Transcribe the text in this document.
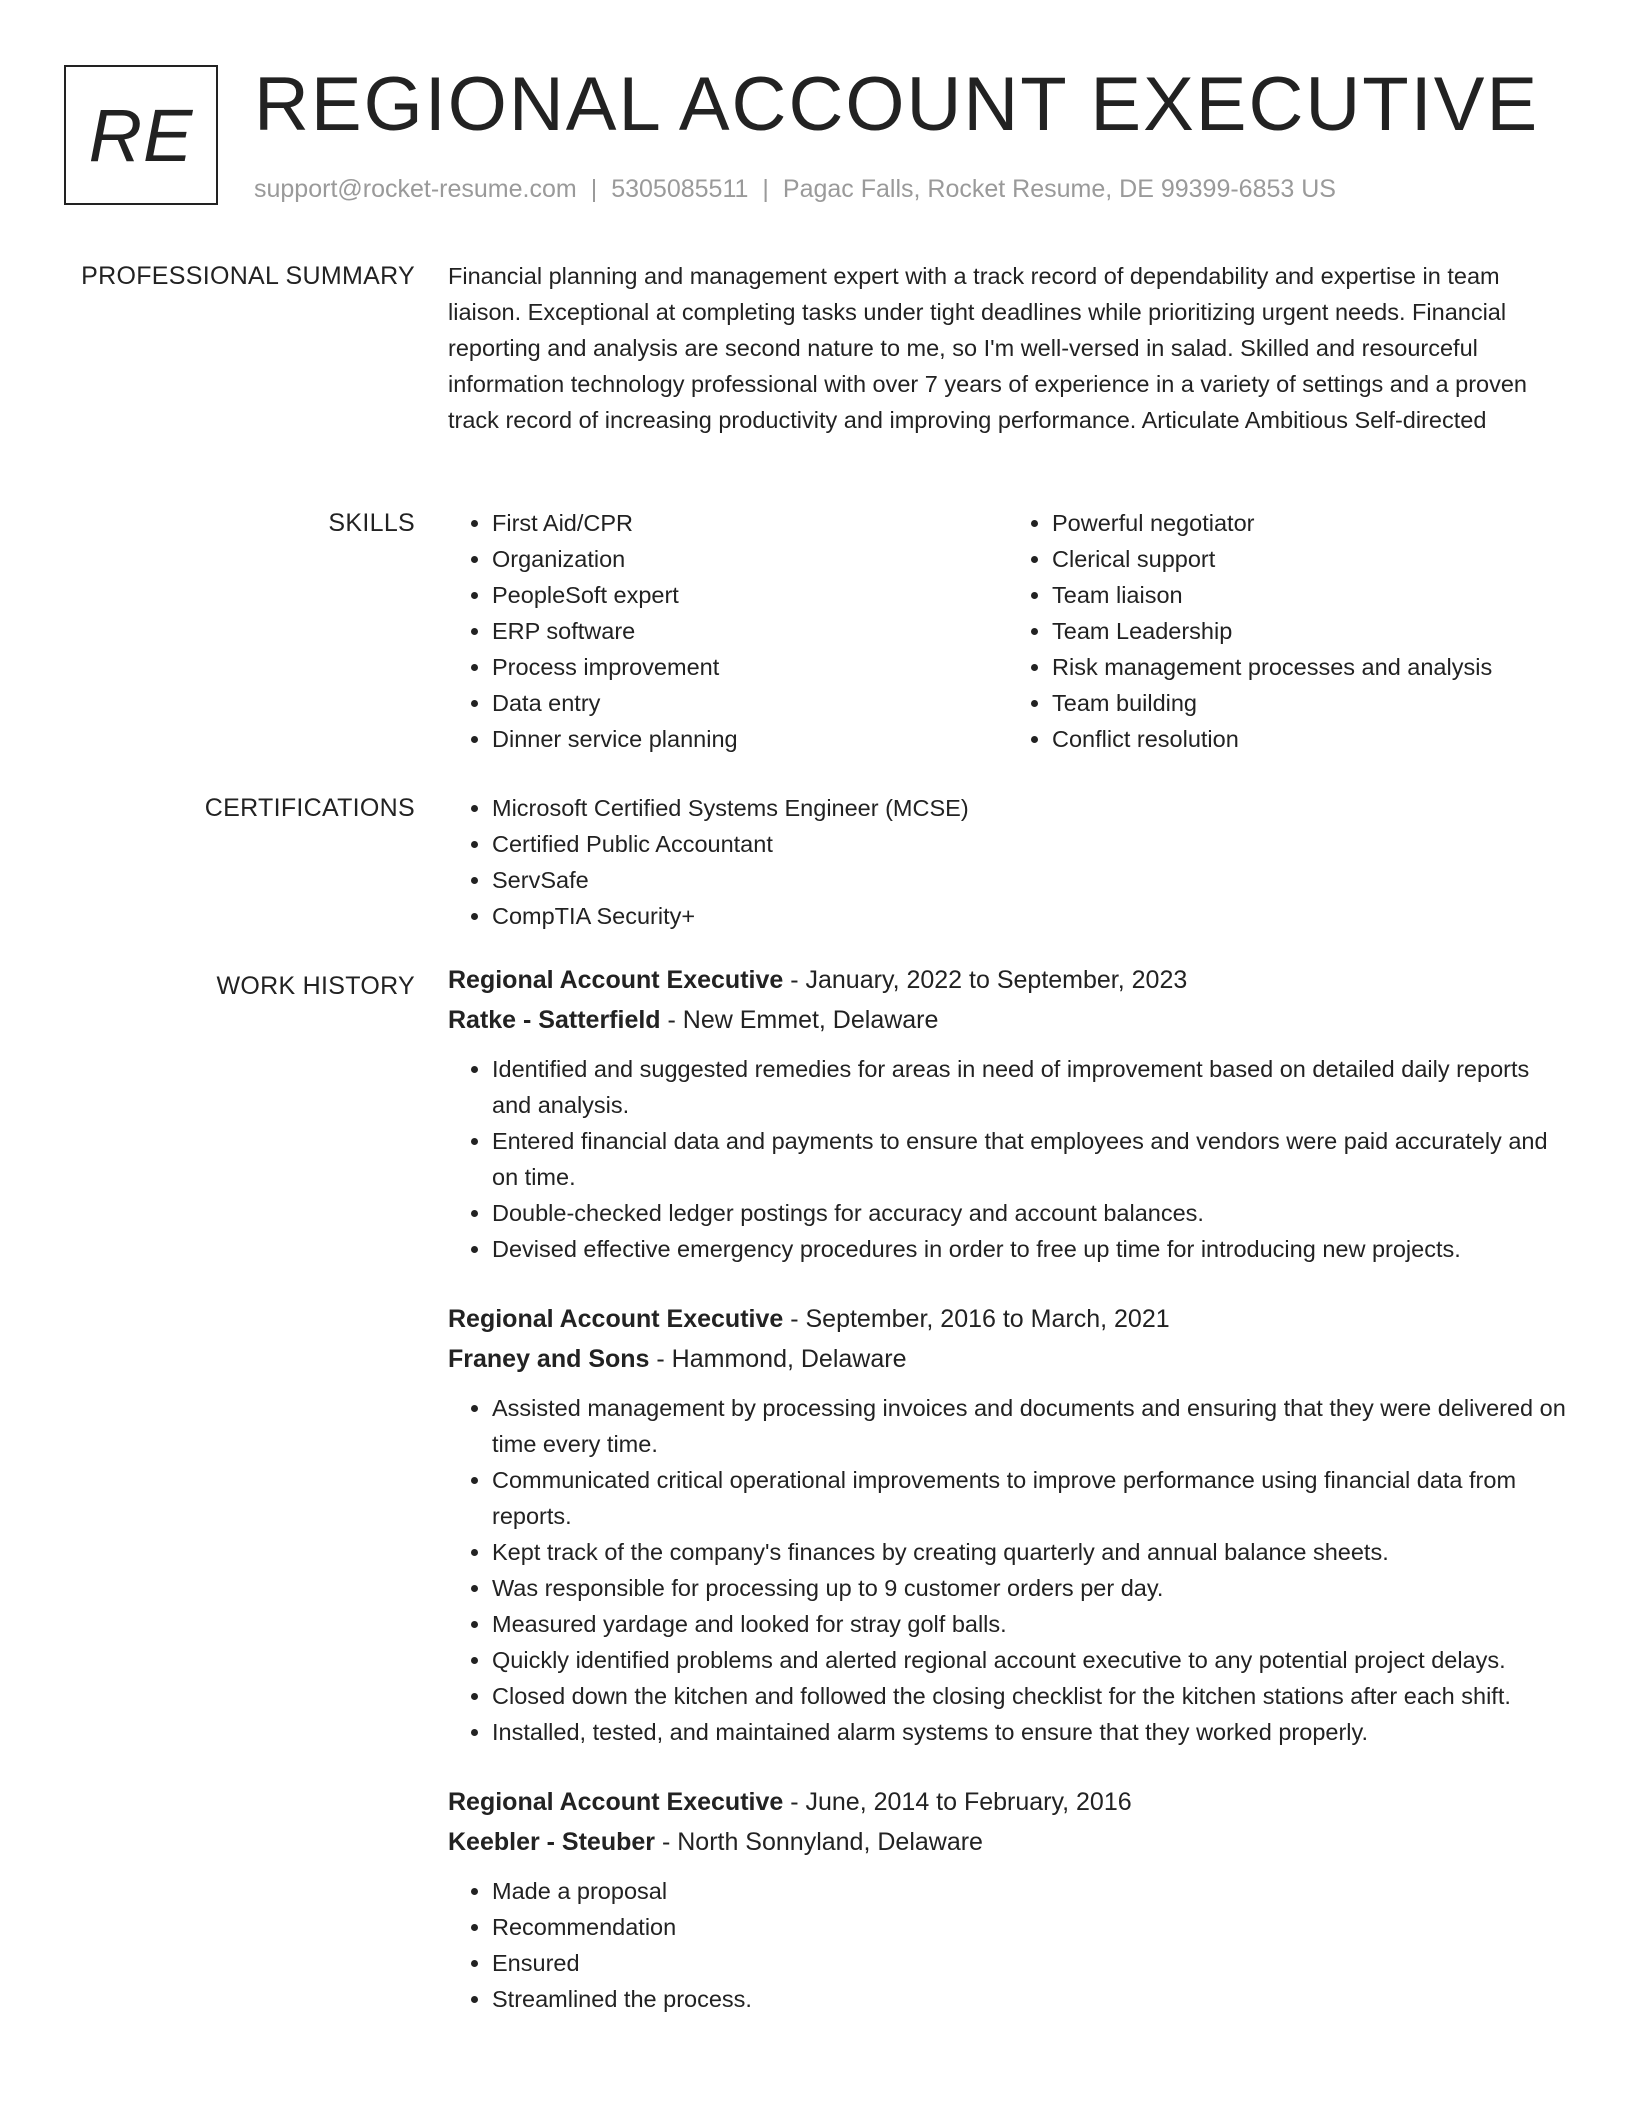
RE REGIONAL ACCOUNT EXECUTIVE
support@rocket-resume.com | 5305085511 | Pagac Falls, Rocket Resume, DE 99399-6853 US
PROFESSIONAL SUMMARY Financial planning and management expert with a track record of dependability and expertise in team liaison. Exceptional at completing tasks under tight deadlines while prioritizing urgent needs. Financial reporting and analysis are second nature to me, so I'm well-versed in salad. Skilled and resourceful information technology professional with over 7 years of experience in a variety of settings and a proven track record of increasing productivity and improving performance. Articulate Ambitious Self-directed

SKILLS	• First Aid/CPR
• Organization
• PeopleSoft expert
• ERP software
• Process improvement
• Data entry
• Dinner service planning
• Powerful negotiator
• Clerical support
• Team liaison
• Team Leadership
• Risk management processes and analysis
• Team building
• Conflict resolution
CERTIFICATIONS	• Microsoft Certified Systems Engineer (MCSE)
• Certified Public Accountant
• ServSafe
• CompTIA Security+
WORK HISTORY Regional Account Executive - January, 2022 to September, 2023
Ratke - Satterfield - New Emmet, Delaware
• Identified and suggested remedies for areas in need of improvement based on detailed daily reports and analysis.
• Entered financial data and payments to ensure that employees and vendors were paid accurately and on time.
• Double-checked ledger postings for accuracy and account balances.
• Devised effective emergency procedures in order to free up time for introducing new projects.
Regional Account Executive - September, 2016 to March, 2021
Franey and Sons - Hammond, Delaware
• Assisted management by processing invoices and documents and ensuring that they were delivered on time every time.
• Communicated critical operational improvements to improve performance using financial data from reports.
• Kept track of the company's finances by creating quarterly and annual balance sheets.
• Was responsible for processing up to 9 customer orders per day.
• Measured yardage and looked for stray golf balls.
• Quickly identified problems and alerted regional account executive to any potential project delays.
• Closed down the kitchen and followed the closing checklist for the kitchen stations after each shift.
• Installed, tested, and maintained alarm systems to ensure that they worked properly.
Regional Account Executive - June, 2014 to February, 2016
Keebler - Steuber - North Sonnyland, Delaware
• Made a proposal
• Recommendation
• Ensured
• Streamlined the process.
